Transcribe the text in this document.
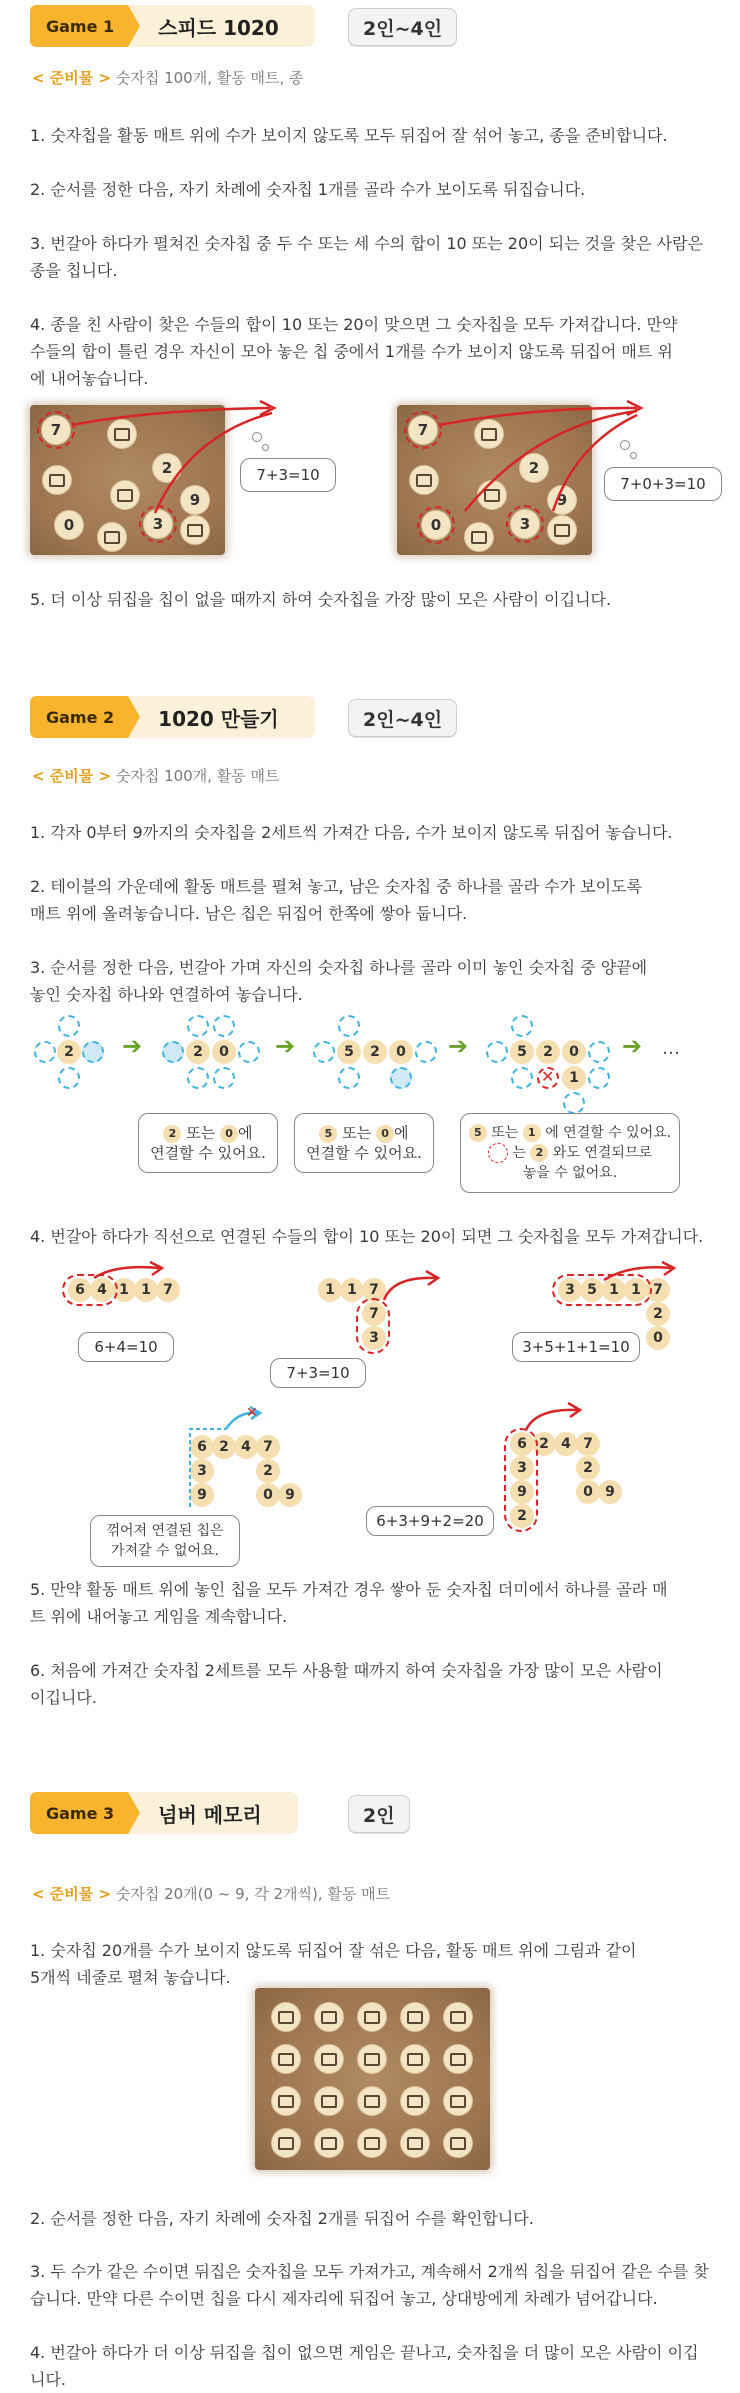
Game 1	스피드 1020	2인~4인
< 준비물 > 숫자칩 100개, 활동 매트, 종
1. 숫자칩을 활동 매트 위에 수가 보이지 않도록 모두 뒤집어 잘 섞어 놓고, 종을 준비합니다.
2. 순서를 정한 다음, 자기 차례에 숫자칩 1개를 골라 수가 보이도록 뒤집습니다.
3. 번갈아 하다가 펼쳐진 숫자칩 중 두 수 또는 세 수의 합이 10 또는 20이 되는 것을 찾은 사람은 종을 칩니다.
4. 종을 친 사람이 찾은 수들의 합이 10 또는 20이 맞으면 그 숫자칩을 모두 가져갑니다. 만약 수들의 합이 틀린 경우 자신이 모아 놓은 칩 중에서 1개를 수가 보이지 않도록 뒤집어 매트 위에 내어놓습니다.
7
2
9
0	3
7+3=10
7
2
9
0	3
7+0+3=10
5. 더 이상 뒤집을 칩이 없을 때까지 하여 숫자칩을 가장 많이 모은 사람이 이깁니다.
Game 2	1020 만들기	2인~4인
< 준비물 > 숫자칩 100개, 활동 매트
1. 각자 0부터 9까지의 숫자칩을 2세트씩 가져간 다음, 수가 보이지 않도록 뒤집어 놓습니다.
2. 테이블의 가운데에 활동 매트를 펼쳐 놓고, 남은 숫자칩 중 하나를 골라 수가 보이도록 매트 위에 올려놓습니다. 남은 칩은 뒤집어 한쪽에 쌓아 둡니다.
3. 순서를 정한 다음, 번갈아 가며 자신의 숫자칩 하나를 골라 이미 놓인 숫자칩 중 양끝에 놓인 숫자칩 하나와 연결하여 놓습니다.
2 ➔	2	0 ➔	5	2	0 ➔	5	2	0
✕	1
➔ …
2 또는 0 에
연결할 수 있어요.
5 또는 0 에
연결할 수 있어요.
5 또는 1 에 연결할 수 있어요.
는 2 와도 연결되므로
놓을 수 없어요.
4. 번갈아 하다가 직선으로 연결된 수들의 합이 10 또는 20이 되면 그 숫자칩을 모두 가져갑니다.
6 4 1 1 7
6+4=10
1 1 7
7
3
7+3=10
3 5 1 1 7
2
0
3+5+1+1=10
6 2 4 7
3	2
9	0 9
✕
꺾어져 연결된 칩은
가져갈 수 없어요.
6 2 4 7
3	2
9	0 9
2
6+3+9+2=20
5. 만약 활동 매트 위에 놓인 칩을 모두 가져간 경우 쌓아 둔 숫자칩 더미에서 하나를 골라 매트 위에 내어놓고 게임을 계속합니다.
6. 처음에 가져간 숫자칩 2세트를 모두 사용할 때까지 하여 숫자칩을 가장 많이 모은 사람이 이깁니다.
Game 3	넘버 메모리	2인
< 준비물 > 숫자칩 20개(0 ~ 9, 각 2개씩), 활동 매트
1. 숫자칩 20개를 수가 보이지 않도록 뒤집어 잘 섞은 다음, 활동 매트 위에 그림과 같이 5개씩 네줄로 펼쳐 놓습니다.
2. 순서를 정한 다음, 자기 차례에 숫자칩 2개를 뒤집어 수를 확인합니다.
3. 두 수가 같은 수이면 뒤집은 숫자칩을 모두 가져가고, 계속해서 2개씩 칩을 뒤집어 같은 수를 찾습니다. 만약 다른 수이면 칩을 다시 제자리에 뒤집어 놓고, 상대방에게 차례가 넘어갑니다.
4. 번갈아 하다가 더 이상 뒤집을 칩이 없으면 게임은 끝나고, 숫자칩을 더 많이 모은 사람이 이깁니다.
